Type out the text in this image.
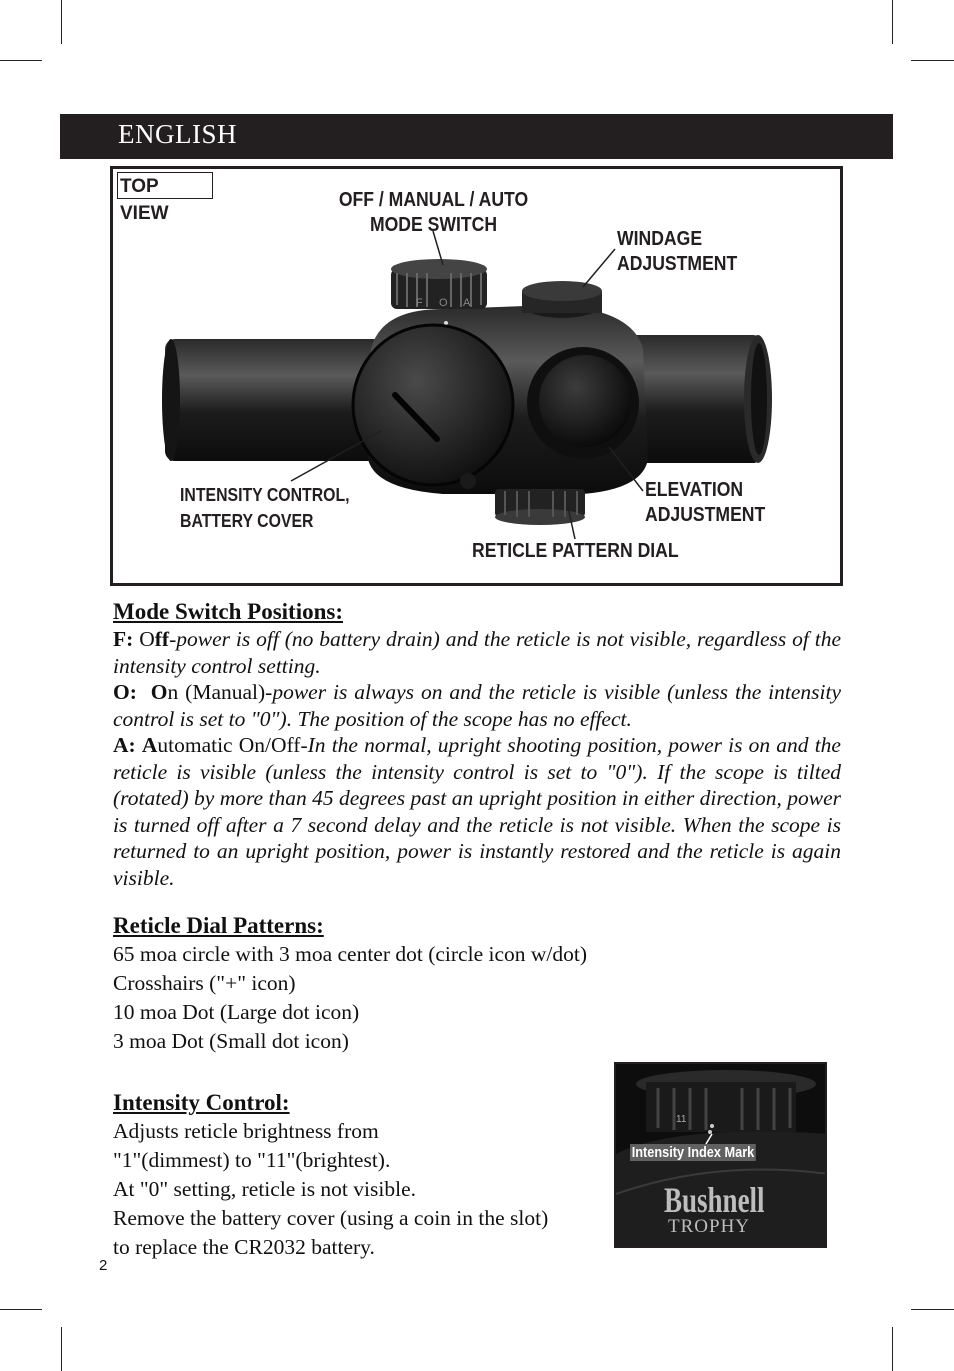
ENGLISH
F O A
TOP VIEW
OFF / MANUAL / AUTO
MODE SWITCH
WINDAGE
ADJUSTMENT
INTENSITY CONTROL,
BATTERY COVER
ELEVATION
ADJUSTMENT
RETICLE PATTERN DIAL
Mode Switch Positions:
F: Off-power is off (no battery drain) and the reticle is not visible, regardless of the intensity control setting.
O: On (Manual)-power is always on and the reticle is visible (unless the intensity control is set to "0"). The position of the scope has no effect.
A: Automatic On/Off-In the normal, upright shooting position, power is on and the reticle is visible (unless the intensity control is set to "0"). If the scope is tilted (rotated) by more than 45 degrees past an upright position in either direction, power is turned off after a 7 second delay and the reticle is not visible. When the scope is returned to an upright position, power is instantly restored and the reticle is again visible.
Reticle Dial Patterns:
65 moa circle with 3 moa center dot (circle icon w/dot)
Crosshairs ("+" icon)
10 moa Dot (Large dot icon)
3 moa Dot (Small dot icon)
Intensity Control:
Adjusts reticle brightness from
"1"(dimmest) to "11"(brightest).
At "0" setting, reticle is not visible.
Remove the battery cover (using a coin in the slot)
to replace the CR2032 battery.
11
Intensity Index Mark
Bushnell
TROPHY
2
